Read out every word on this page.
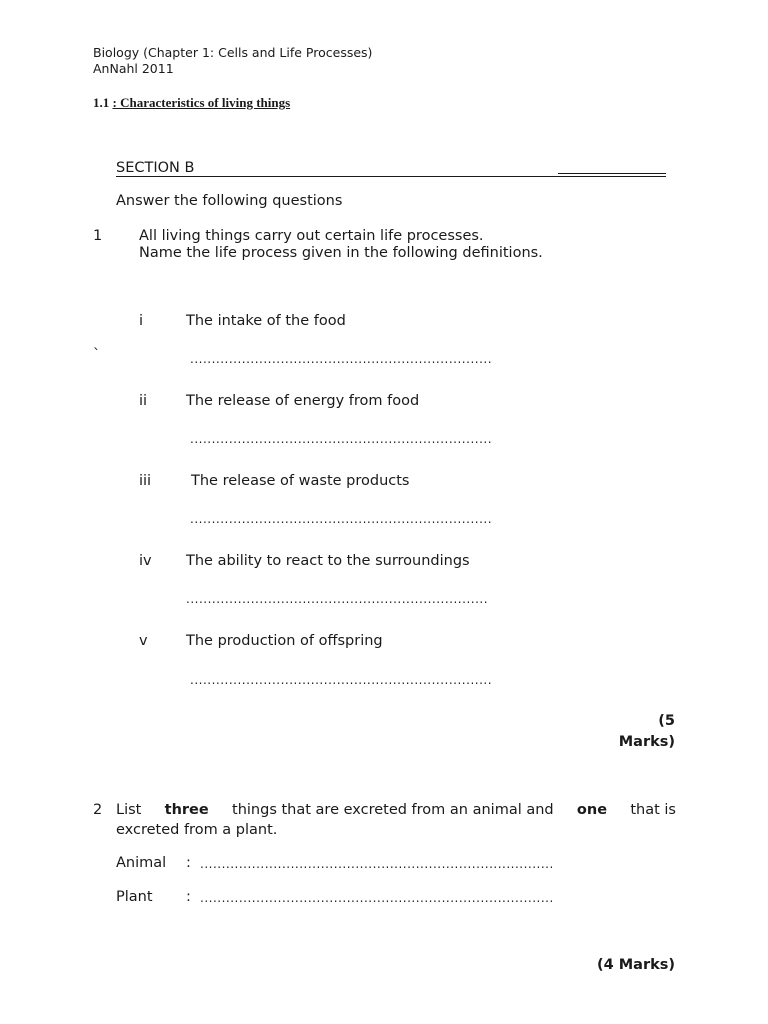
Biology (Chapter 1: Cells and Life Processes)
AnNahl 2011
1.1 : Characteristics of living things
SECTION B
Answer the following questions
1	All living things carry out certain life processes.
Name the life process given in the following definitions.
i	The intake of the food
`	......................................................................
ii	The release of energy from food
......................................................................
iii	The release of waste products
......................................................................
iv The ability to react to the surroundings
......................................................................
v	The production of offspring
......................................................................
(5
Marks)
2 List three things that are excreted from an animal and one that is
excreted from a plant.
Animal : ..................................................................................
Plant : ..................................................................................
(4 Marks)
